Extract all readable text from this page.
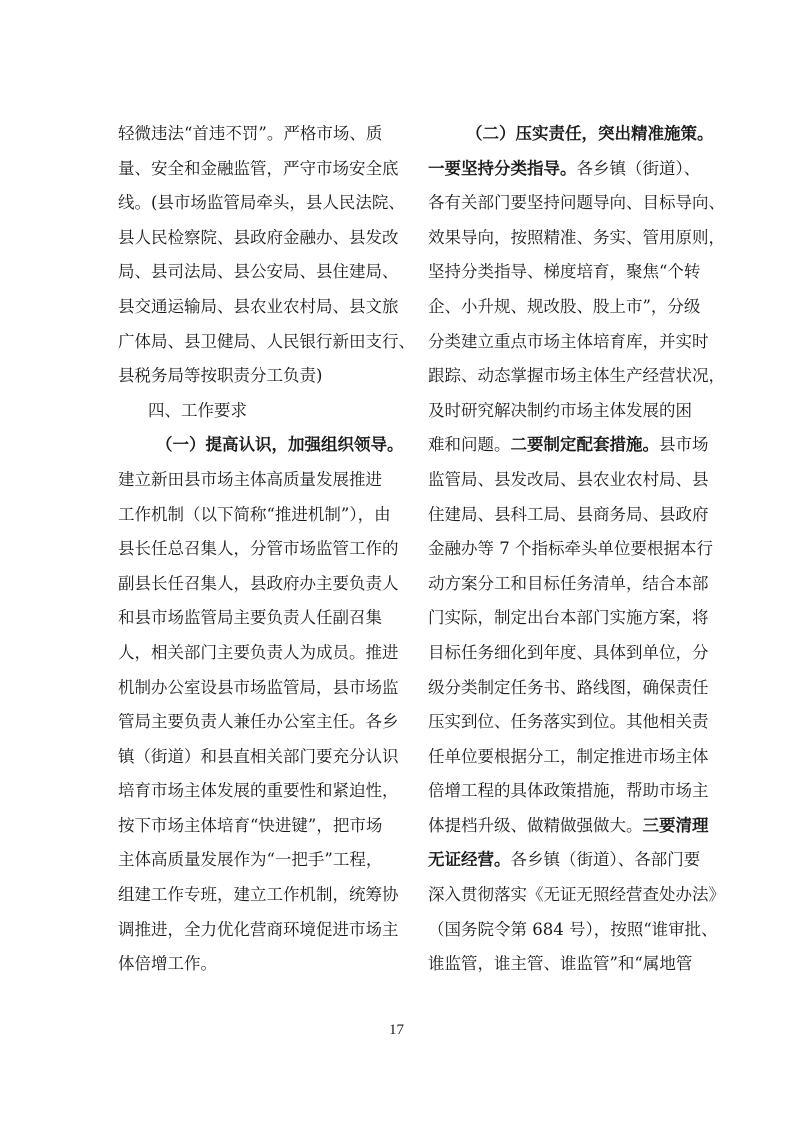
轻微违法“首违不罚”。严格市场、质
量、安全和金融监管，严守市场安全底
线。(县市场监管局牵头，县人民法院、
县人民检察院、县政府金融办、县发改
局、县司法局、县公安局、县住建局、
县交通运输局、县农业农村局、县文旅
广体局、县卫健局、人民银行新田支行、
县税务局等按职责分工负责)
四、工作要求
（一）提高认识，加强组织领导。
建立新田县市场主体高质量发展推进
工作机制（以下简称“推进机制”），由
县长任总召集人，分管市场监管工作的
副县长任召集人，县政府办主要负责人
和县市场监管局主要负责人任副召集
人，相关部门主要负责人为成员。推进
机制办公室设县市场监管局，县市场监
管局主要负责人兼任办公室主任。各乡
镇（街道）和县直相关部门要充分认识
培育市场主体发展的重要性和紧迫性，
按下市场主体培育“快进键”，把市场
主体高质量发展作为“一把手”工程，
组建工作专班，建立工作机制，统筹协
调推进，全力优化营商环境促进市场主
体倍增工作。
（二）压实责任，突出精准施策。
一要坚持分类指导。各乡镇（街道）、
各有关部门要坚持问题导向、目标导向、
效果导向，按照精准、务实、管用原则，
坚持分类指导、梯度培育，聚焦“个转
企、小升规、规改股、股上市”，分级
分类建立重点市场主体培育库，并实时
跟踪、动态掌握市场主体生产经营状况，
及时研究解决制约市场主体发展的困
难和问题。二要制定配套措施。县市场
监管局、县发改局、县农业农村局、县
住建局、县科工局、县商务局、县政府
金融办等 7 个指标牵头单位要根据本行
动方案分工和目标任务清单，结合本部
门实际，制定出台本部门实施方案，将
目标任务细化到年度、具体到单位，分
级分类制定任务书、路线图，确保责任
压实到位、任务落实到位。其他相关责
任单位要根据分工，制定推进市场主体
倍增工程的具体政策措施，帮助市场主
体提档升级、做精做强做大。三要清理
无证经营。各乡镇（街道）、各部门要
深入贯彻落实《无证无照经营查处办法》
（国务院令第 684 号），按照“谁审批、
谁监管，谁主管、谁监管”和“属地管
17
